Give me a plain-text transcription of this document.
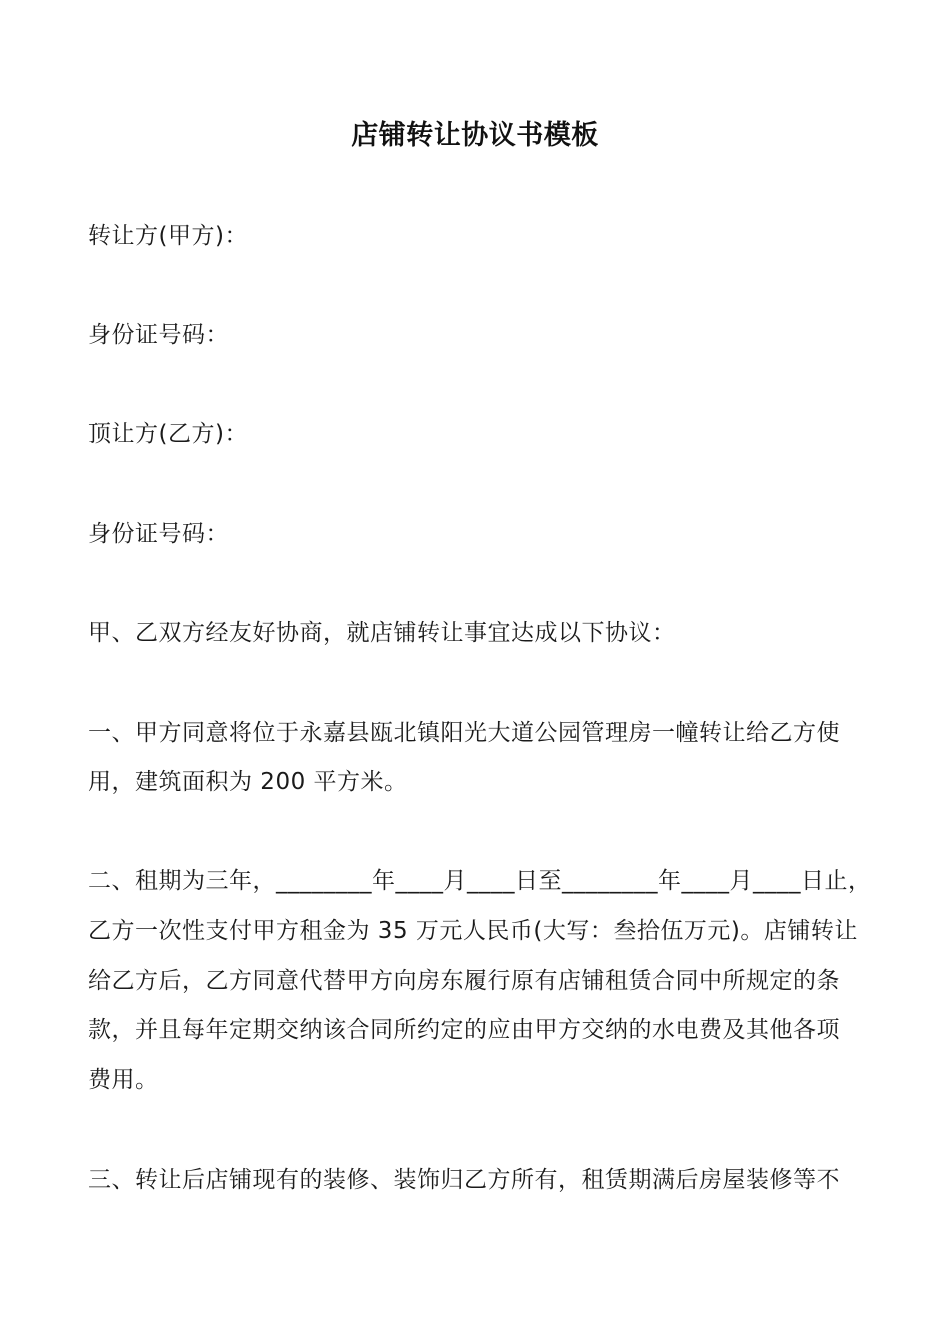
店铺转让协议书模板
转让方(甲方)：
身份证号码：
顶让方(乙方)：
身份证号码：
甲、乙双方经友好协商，就店铺转让事宜达成以下协议：
一、甲方同意将位于永嘉县瓯北镇阳光大道公园管理房一幢转让给乙方使
用，建筑面积为 200 平方米。
二、租期为三年，________年____月____日至________年____月____日止，
乙方一次性支付甲方租金为 35 万元人民币(大写：叁拾伍万元)。店铺转让
给乙方后，乙方同意代替甲方向房东履行原有店铺租赁合同中所规定的条
款，并且每年定期交纳该合同所约定的应由甲方交纳的水电费及其他各项
费用。
三、转让后店铺现有的装修、装饰归乙方所有，租赁期满后房屋装修等不
